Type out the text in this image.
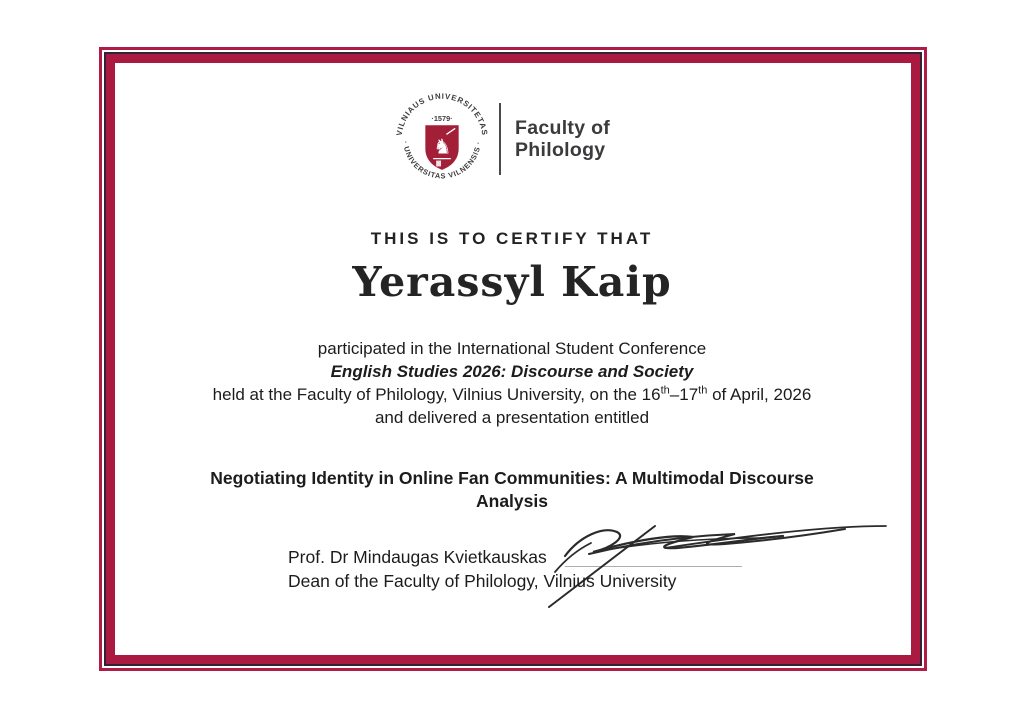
VILNIAUS UNIVERSITETAS
· UNIVERSITAS VILNENSIS ·
·1579·
♞
Faculty of
Philology
THIS IS TO CERTIFY THAT
Yerassyl Kaip
participated in the International Student Conference
English Studies 2026: Discourse and Society
held at the Faculty of Philology, Vilnius University, on the 16th–17th of April, 2026
and delivered a presentation entitled
Negotiating Identity in Online Fan Communities: A Multimodal Discourse
Analysis
Prof. Dr Mindaugas Kvietkauskas
Dean of the Faculty of Philology, Vilnius University
